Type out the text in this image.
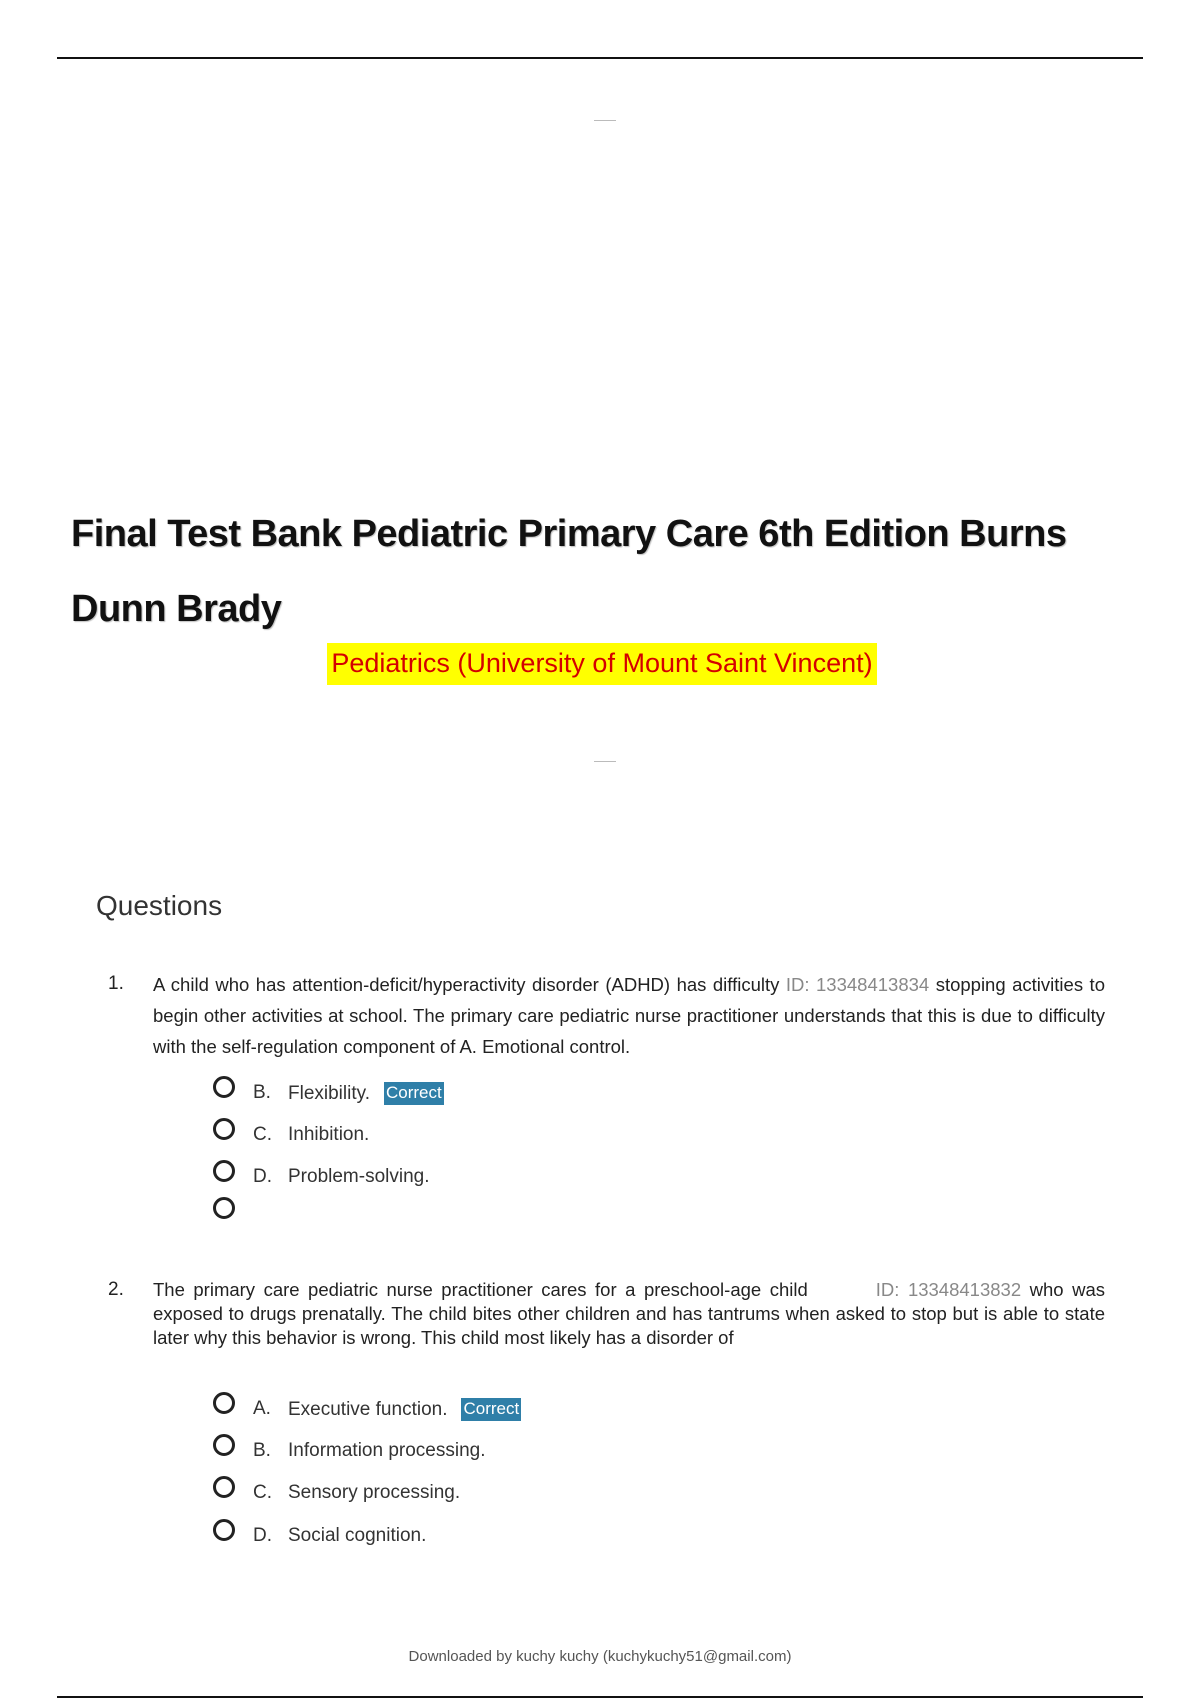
Final Test Bank Pediatric Primary Care 6th Edition Burns Dunn Brady
Pediatrics (University of Mount Saint Vincent)
Questions
1. A child who has attention-deficit/hyperactivity disorder (ADHD) has difficulty ID: 13348413834 stopping activities to begin other activities at school. The primary care pediatric nurse practitioner understands that this is due to difficulty with the self-regulation component of A. Emotional control.
B. Flexibility. Correct
C. Inhibition.
D. Problem-solving.
2. The primary care pediatric nurse practitioner cares for a preschool-age child        ID: 13348413832 who was exposed to drugs prenatally. The child bites other children and has tantrums when asked to stop but is able to state later why this behavior is wrong. This child most likely has a disorder of
A. Executive function. Correct
B. Information processing.
C. Sensory processing.
D. Social cognition.
Downloaded by kuchy kuchy (kuchykuchy51@gmail.com)
